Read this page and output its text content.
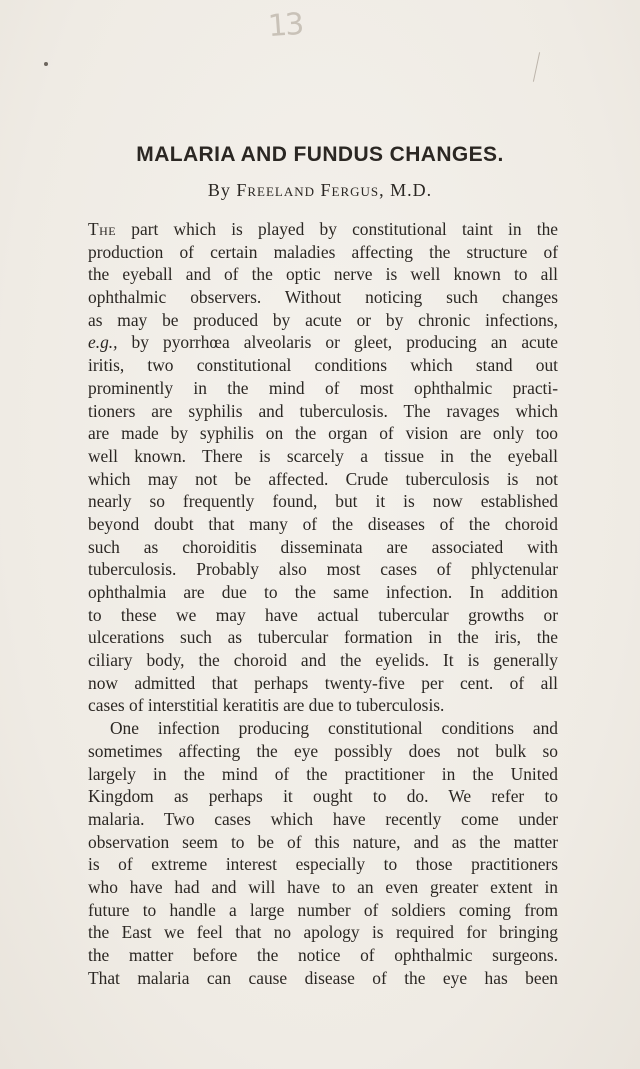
13
MALARIA AND FUNDUS CHANGES.
By Freeland Fergus, M.D.
The part which is played by constitutional taint in the
production of certain maladies affecting the structure of
the eyeball and of the optic nerve is well known to all
ophthalmic observers. Without noticing such changes
as may be produced by acute or by chronic infections,
e.g., by pyorrhœa alveolaris or gleet, producing an acute
iritis, two constitutional conditions which stand out
prominently in the mind of most ophthalmic practi-
tioners are syphilis and tuberculosis. The ravages which
are made by syphilis on the organ of vision are only too
well known. There is scarcely a tissue in the eyeball
which may not be affected. Crude tuberculosis is not
nearly so frequently found, but it is now established
beyond doubt that many of the diseases of the choroid
such as choroiditis disseminata are associated with
tuberculosis. Probably also most cases of phlyctenular
ophthalmia are due to the same infection. In addition
to these we may have actual tubercular growths or
ulcerations such as tubercular formation in the iris, the
ciliary body, the choroid and the eyelids. It is generally
now admitted that perhaps twenty-five per cent. of all
cases of interstitial keratitis are due to tuberculosis.
One infection producing constitutional conditions and
sometimes affecting the eye possibly does not bulk so
largely in the mind of the practitioner in the United
Kingdom as perhaps it ought to do. We refer to
malaria. Two cases which have recently come under
observation seem to be of this nature, and as the matter
is of extreme interest especially to those practitioners
who have had and will have to an even greater extent in
future to handle a large number of soldiers coming from
the East we feel that no apology is required for bringing
the matter before the notice of ophthalmic surgeons.
That malaria can cause disease of the eye has been
